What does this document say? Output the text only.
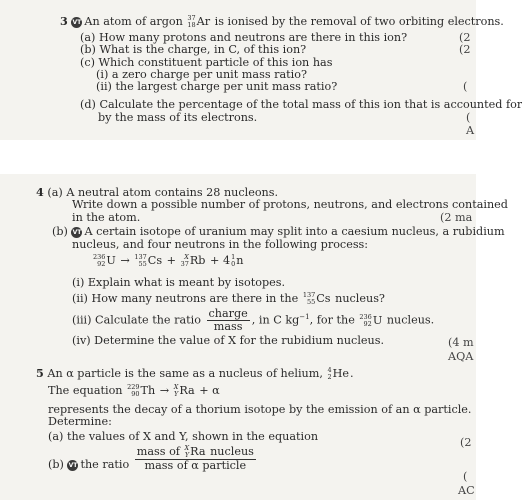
3 VT An atom of argon 37
18 Ar is ionised by the removal of two orbiting electrons.
(a) How many protons and neutrons are there in this ion?
(b) What is the charge, in C, of this ion?
(c) Which constituent particle of this ion has
(i) a zero charge per unit mass ratio?
(ii) the largest charge per unit mass ratio?
(d) Calculate the percentage of the total mass of this ion that is accounted for
by the mass of its electrons.
(2
(2
(
(
A
4 (a) A neutral atom contains 28 nucleons.
Write down a possible number of protons, neutrons, and electrons contained
in the atom.	(2 ma
(b) VT A certain isotope of uranium may split into a caesium nucleus, a rubidium
nucleus, and four neutrons in the following process:
236
92 U → 137
55 Cs + X
37 Rb + 4 1
0 n
(i) Explain what is meant by isotopes.
(ii) How many neutrons are there in the 137
55 Cs nucleus?
(iii) Calculate the ratio $\frac{\text{charge}}{\text{mass}}$ , in C $kg^{-1}$, for the 236
92 U nucleus.
(iv) Determine the value of X for the rubidium nucleus.	(4 m
AQA
5 An α particle is the same as a nucleus of helium, 4
2 He .
The equation 229
90 Th → X
Y Ra + α
represents the decay of a thorium isotope by the emission of an α particle.
Determine:
(a) the values of X and Y, shown in the equation	(2
(b) VT the ratio mass of X
Y Ra nucleus
mass of α particle
(
AC
